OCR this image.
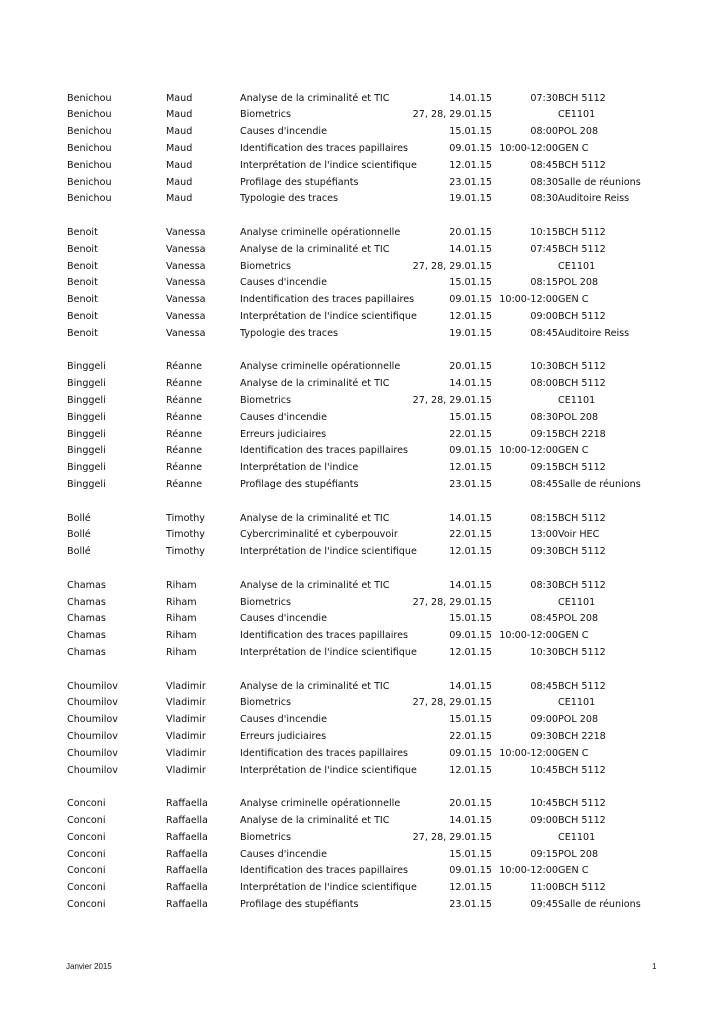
Benichou	Maud	Analyse de la criminalité et TIC	14.01.15	07:30 BCH 5112
Benichou	Maud	Biometrics	27, 28, 29.01.15	CE1101
Benichou	Maud	Causes d'incendie	15.01.15	08:00 POL 208
Benichou	Maud	Identification des traces papillaires	09.01.15 10:00-12:00 GEN C
Benichou	Maud	Interprétation de l'indice scientifique	12.01.15	08:45 BCH 5112
Benichou	Maud	Profilage des stupéfiants	23.01.15	08:30 Salle de réunions
Benichou	Maud	Typologie des traces	19.01.15	08:30 Auditoire Reiss
Benoit	Vanessa	Analyse criminelle opérationnelle	20.01.15	10:15 BCH 5112
Benoit	Vanessa	Analyse de la criminalité et TIC	14.01.15	07:45 BCH 5112
Benoit	Vanessa	Biometrics	27, 28, 29.01.15	CE1101
Benoit	Vanessa	Causes d'incendie	15.01.15	08:15 POL 208
Benoit	Vanessa	Indentification des traces papillaires	09.01.15 10:00-12:00 GEN C
Benoit	Vanessa	Interprétation de l'indice scientifique	12.01.15	09:00 BCH 5112
Benoit	Vanessa	Typologie des traces	19.01.15	08:45 Auditoire Reiss
Binggeli	Réanne	Analyse criminelle opérationnelle	20.01.15	10:30 BCH 5112
Binggeli	Réanne	Analyse de la criminalité et TIC	14.01.15	08:00 BCH 5112
Binggeli	Réanne	Biometrics	27, 28, 29.01.15	CE1101
Binggeli	Réanne	Causes d'incendie	15.01.15	08:30 POL 208
Binggeli	Réanne	Erreurs judiciaires	22.01.15	09:15 BCH 2218
Binggeli	Réanne	Identification des traces papillaires	09.01.15 10:00-12:00 GEN C
Binggeli	Réanne	Interprétation de l'indice	12.01.15	09:15 BCH 5112
Binggeli	Réanne	Profilage des stupéfiants	23.01.15	08:45 Salle de réunions
Bollé	Timothy	Analyse de la criminalité et TIC	14.01.15	08:15 BCH 5112
Bollé	Timothy	Cybercriminalité et cyberpouvoir	22.01.15	13:00 Voir HEC
Bollé	Timothy	Interprétation de l'indice scientifique	12.01.15	09:30 BCH 5112
Chamas	Riham	Analyse de la criminalité et TIC	14.01.15	08:30 BCH 5112
Chamas	Riham	Biometrics	27, 28, 29.01.15	CE1101
Chamas	Riham	Causes d'incendie	15.01.15	08:45 POL 208
Chamas	Riham	Identification des traces papillaires	09.01.15 10:00-12:00 GEN C
Chamas	Riham	Interprétation de l'indice scientifique	12.01.15	10:30 BCH 5112
Choumilov	Vladimir	Analyse de la criminalité et TIC	14.01.15	08:45 BCH 5112
Choumilov	Vladimir	Biometrics	27, 28, 29.01.15	CE1101
Choumilov	Vladimir	Causes d'incendie	15.01.15	09:00 POL 208
Choumilov	Vladimir	Erreurs judiciaires	22.01.15	09:30 BCH 2218
Choumilov	Vladimir	Identification des traces papillaires	09.01.15 10:00-12:00 GEN C
Choumilov	Vladimir	Interprétation de l'indice scientifique	12.01.15	10:45 BCH 5112
Conconi	Raffaella	Analyse criminelle opérationnelle	20.01.15	10:45 BCH 5112
Conconi	Raffaella	Analyse de la criminalité et TIC	14.01.15	09:00 BCH 5112
Conconi	Raffaella	Biometrics	27, 28, 29.01.15	CE1101
Conconi	Raffaella	Causes d'incendie	15.01.15	09:15 POL 208
Conconi	Raffaella	Identification des traces papillaires	09.01.15 10:00-12:00 GEN C
Conconi	Raffaella	Interprétation de l'indice scientifique	12.01.15	11:00 BCH 5112
Conconi	Raffaella	Profilage des stupéfiants	23.01.15	09:45 Salle de réunions
Janvier 2015	1
